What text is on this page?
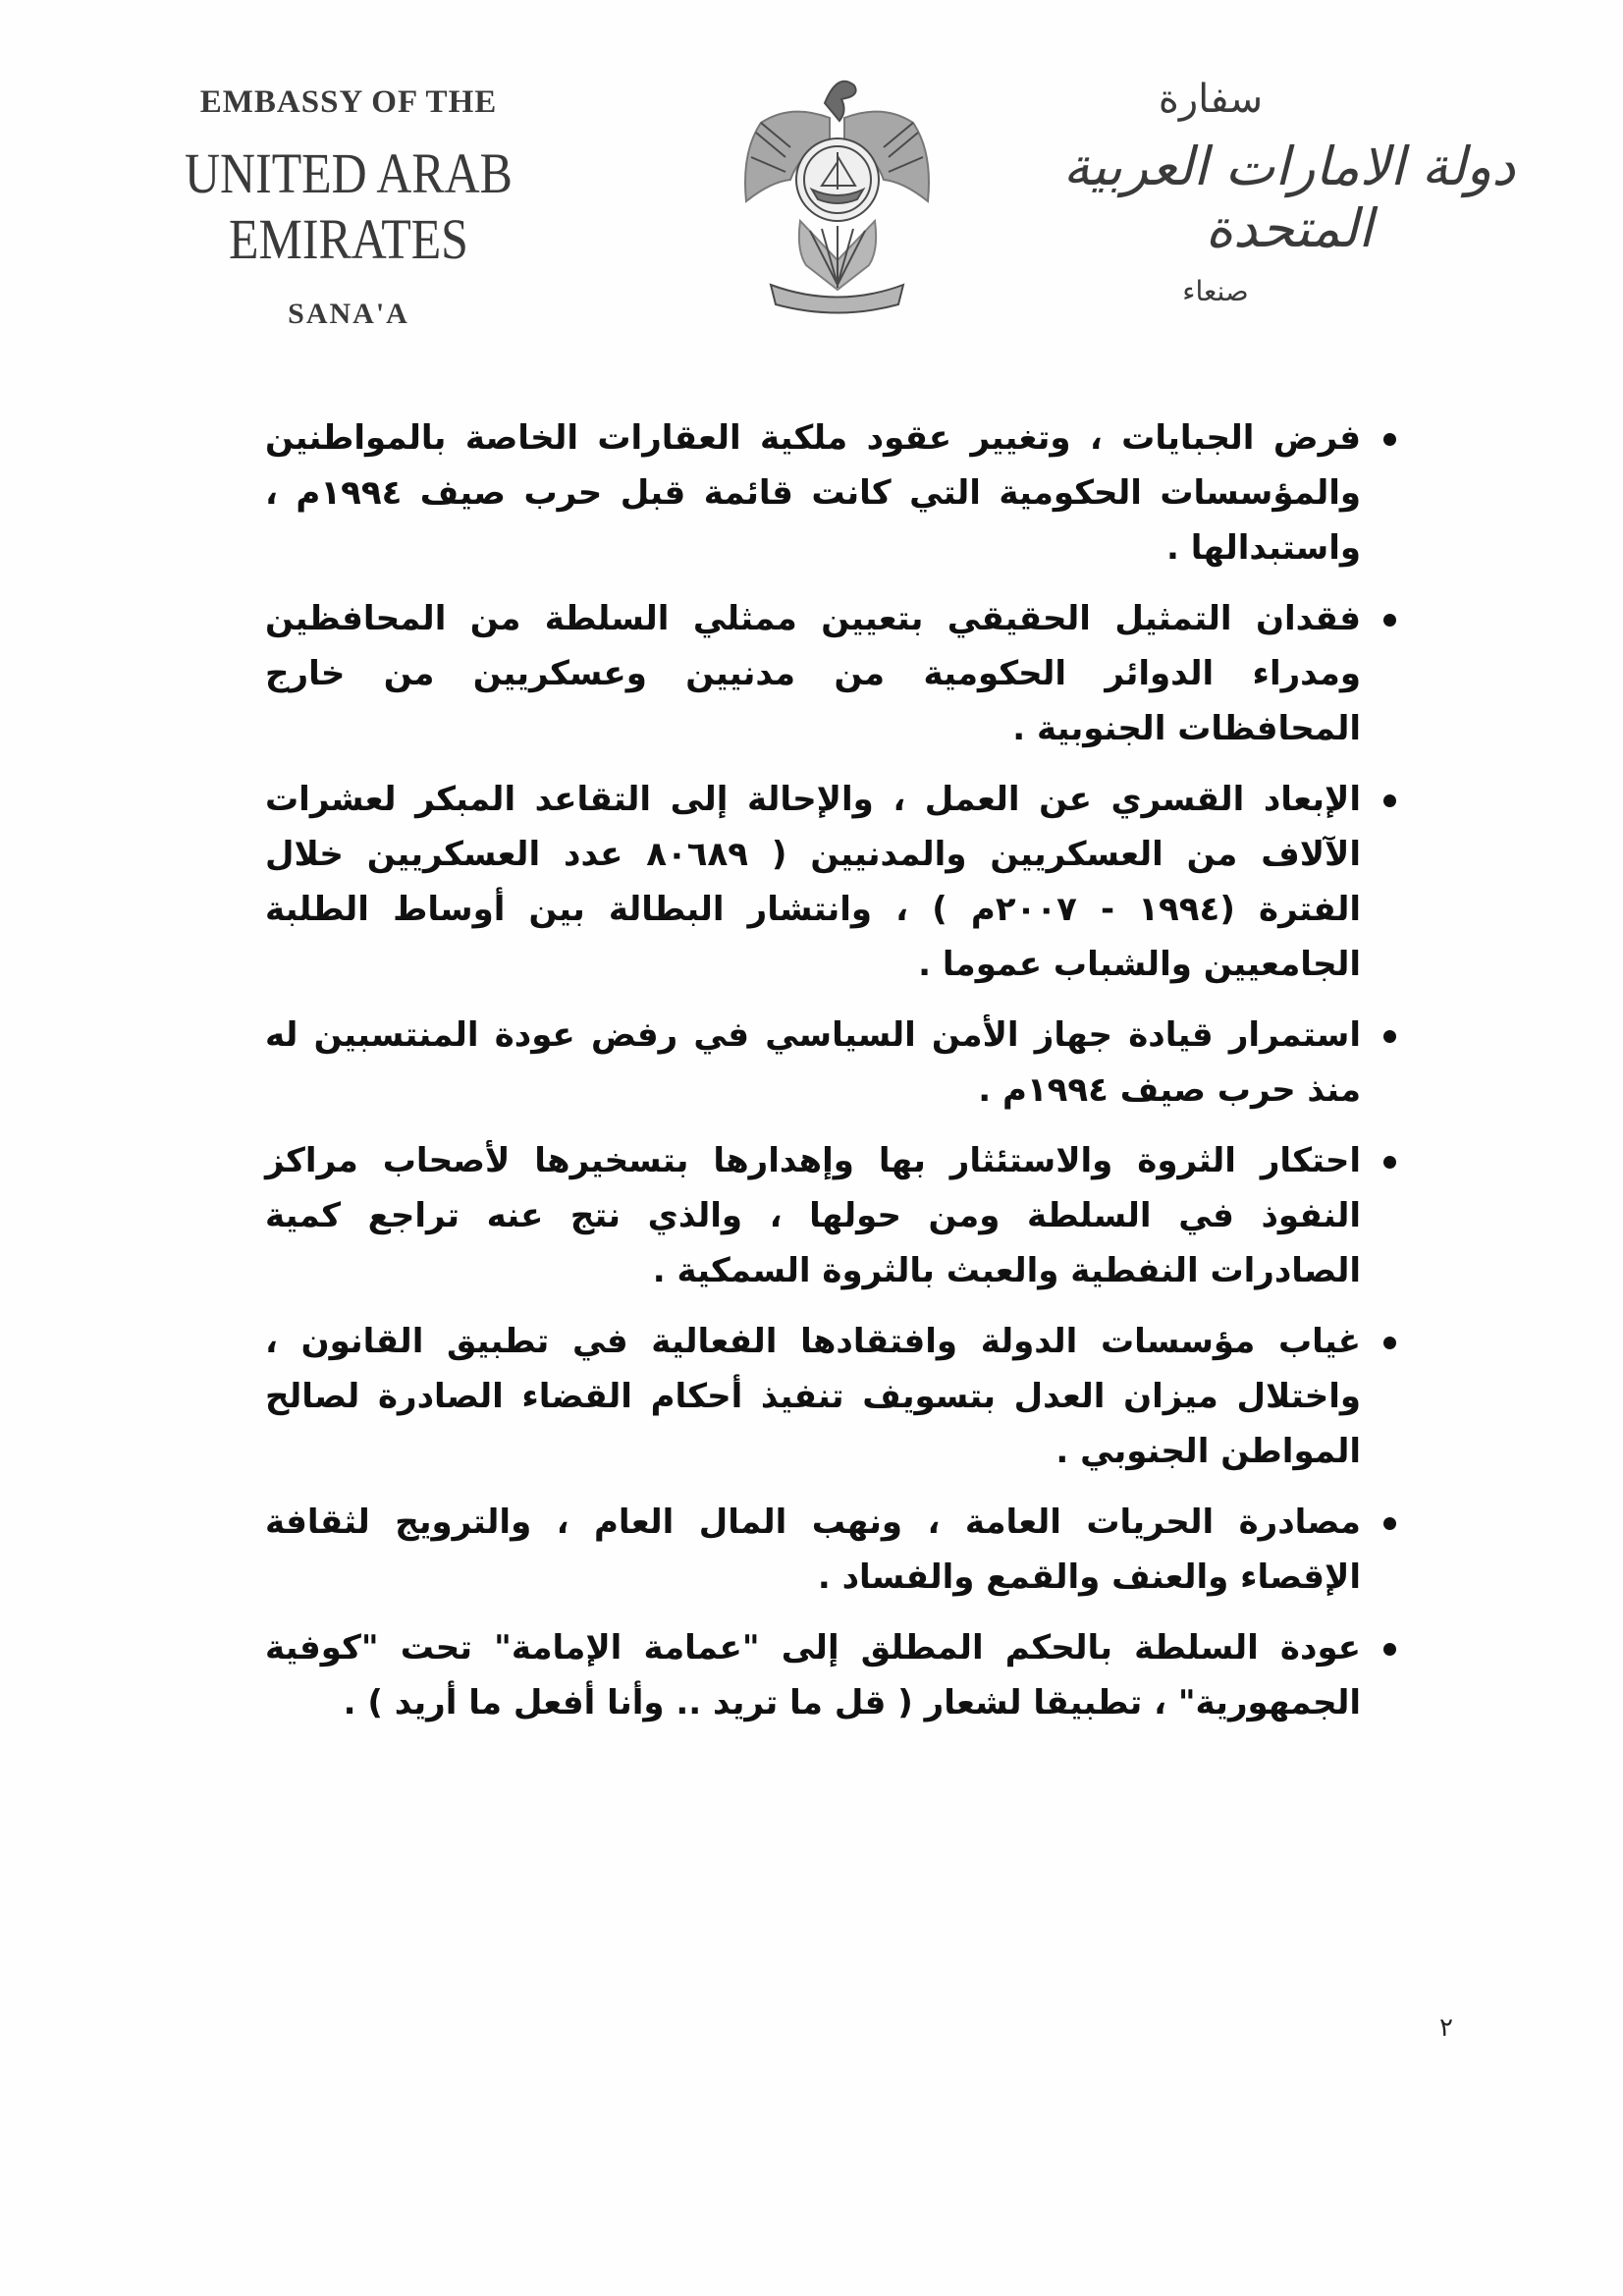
EMBASSY OF THE
UNITED ARAB EMIRATES
SANA'A
سفارة
دولة الامارات العربية المتحدة
صنعاء
فرض الجبايات ، وتغيير عقود ملكية العقارات الخاصة بالمواطنين والمؤسسات الحكومية التي كانت قائمة قبل حرب صيف ١٩٩٤م ، واستبدالها .
فقدان التمثيل الحقيقي بتعيين ممثلي السلطة من المحافظين ومدراء الدوائر الحكومية من مدنيين وعسكريين من خارج المحافظات الجنوبية .
الإبعاد القسري عن العمل ، والإحالة إلى التقاعد المبكر لعشرات الآلاف من العسكريين والمدنيين ( ٨٠٦٨٩ عدد العسكريين خلال الفترة (١٩٩٤ - ٢٠٠٧م ) ، وانتشار البطالة بين أوساط الطلبة الجامعيين والشباب عموما .
استمرار قيادة جهاز الأمن السياسي في رفض عودة المنتسبين له منذ حرب صيف ١٩٩٤م .
احتكار الثروة والاستئثار بها وإهدارها بتسخيرها لأصحاب مراكز النفوذ في السلطة ومن حولها ، والذي نتج عنه تراجع كمية الصادرات النفطية والعبث بالثروة السمكية .
غياب مؤسسات الدولة وافتقادها الفعالية في تطبيق القانون ، واختلال ميزان العدل بتسويف تنفيذ أحكام القضاء الصادرة لصالح المواطن الجنوبي .
مصادرة الحريات العامة ، ونهب المال العام ، والترويج لثقافة الإقصاء والعنف والقمع والفساد .
عودة السلطة بالحكم المطلق إلى "عمامة الإمامة" تحت "كوفية الجمهورية" ، تطبيقا لشعار ( قل ما تريد .. وأنا أفعل ما أريد ) .
٢
